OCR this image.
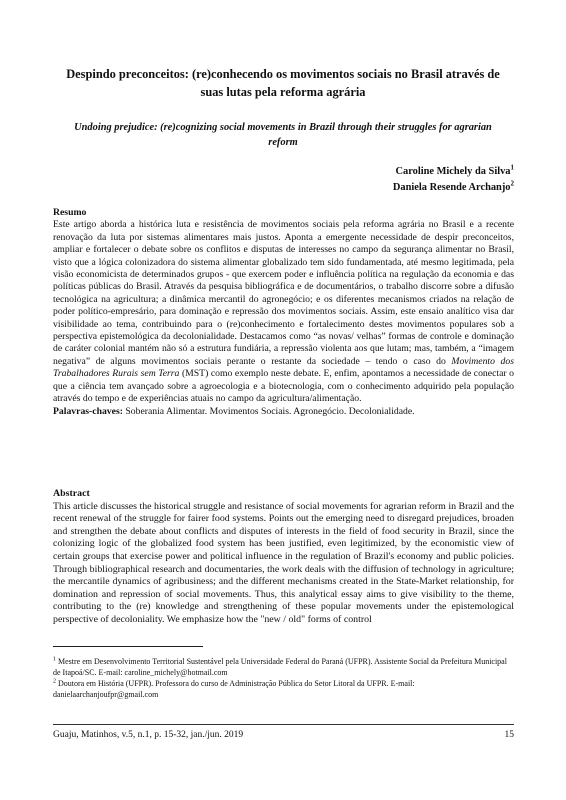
Despindo preconceitos: (re)conhecendo os movimentos sociais no Brasil através de suas lutas pela reforma agrária
Undoing prejudice: (re)cognizing social movements in Brazil through their struggles for agrarian reform
Caroline Michely da Silva$^1$
Daniela Resende Archanjo$^2$
Resumo
Este artigo aborda a histórica luta e resistência de movimentos sociais pela reforma agrária no Brasil e a recente renovação da luta por sistemas alimentares mais justos. Aponta a emergente necessidade de despir preconceitos, ampliar e fortalecer o debate sobre os conflitos e disputas de interesses no campo da segurança alimentar no Brasil, visto que a lógica colonizadora do sistema alimentar globalizado tem sido fundamentada, até mesmo legitimada, pela visão economicista de determinados grupos - que exercem poder e influência política na regulação da economia e das políticas públicas do Brasil. Através da pesquisa bibliográfica e de documentários, o trabalho discorre sobre a difusão tecnológica na agricultura; a dinâmica mercantil do agronegócio; e os diferentes mecanismos criados na relação de poder político-empresário, para dominação e repressão dos movimentos sociais. Assim, este ensaio analítico visa dar visibilidade ao tema, contribuindo para o (re)conhecimento e fortalecimento destes movimentos populares sob a perspectiva epistemológica da decolonialidade. Destacamos como “as novas/ velhas” formas de controle e dominação de caráter colonial mantém não só a estrutura fundiária, a repressão violenta aos que lutam; mas, também, a “imagem negativa” de alguns movimentos sociais perante o restante da sociedade – tendo o caso do Movimento dos Trabalhadores Rurais sem Terra (MST) como exemplo neste debate. E, enfim, apontamos a necessidade de conectar o que a ciência tem avançado sobre a agroecologia e a biotecnologia, com o conhecimento adquirido pela população através do tempo e de experiências atuais no campo da agricultura/alimentação.
Palavras-chaves: Soberania Alimentar. Movimentos Sociais. Agronegócio. Decolonialidade.
Abstract
This article discusses the historical struggle and resistance of social movements for agrarian reform in Brazil and the recent renewal of the struggle for fairer food systems. Points out the emerging need to disregard prejudices, broaden and strengthen the debate about conflicts and disputes of interests in the field of food security in Brazil, since the colonizing logic of the globalized food system has been justified, even legitimized, by the economistic view of certain groups that exercise power and political influence in the regulation of Brazil's economy and public policies. Through bibliographical research and documentaries, the work deals with the diffusion of technology in agriculture; the mercantile dynamics of agribusiness; and the different mechanisms created in the State-Market relationship, for domination and repression of social movements. Thus, this analytical essay aims to give visibility to the theme, contributing to the (re) knowledge and strengthening of these popular movements under the epistemological perspective of decoloniality. We emphasize how the "new / old" forms of control

$^1$ Mestre em Desenvolvimento Territorial Sustentável pela Universidade Federal do Paraná (UFPR). Assistente Social da Prefeitura Municipal de Itapoá/SC. E-mail: caroline_michely@hotmail.com

$^2$ Doutora em História (UFPR). Professora do curso de Administração Pública do Setor Litoral da UFPR. E-mail: danielaarchanjoufpr@gmail.com

Guaju, Matinhos, v.5, n.1, p. 15-32, jan./jun. 2019	15
